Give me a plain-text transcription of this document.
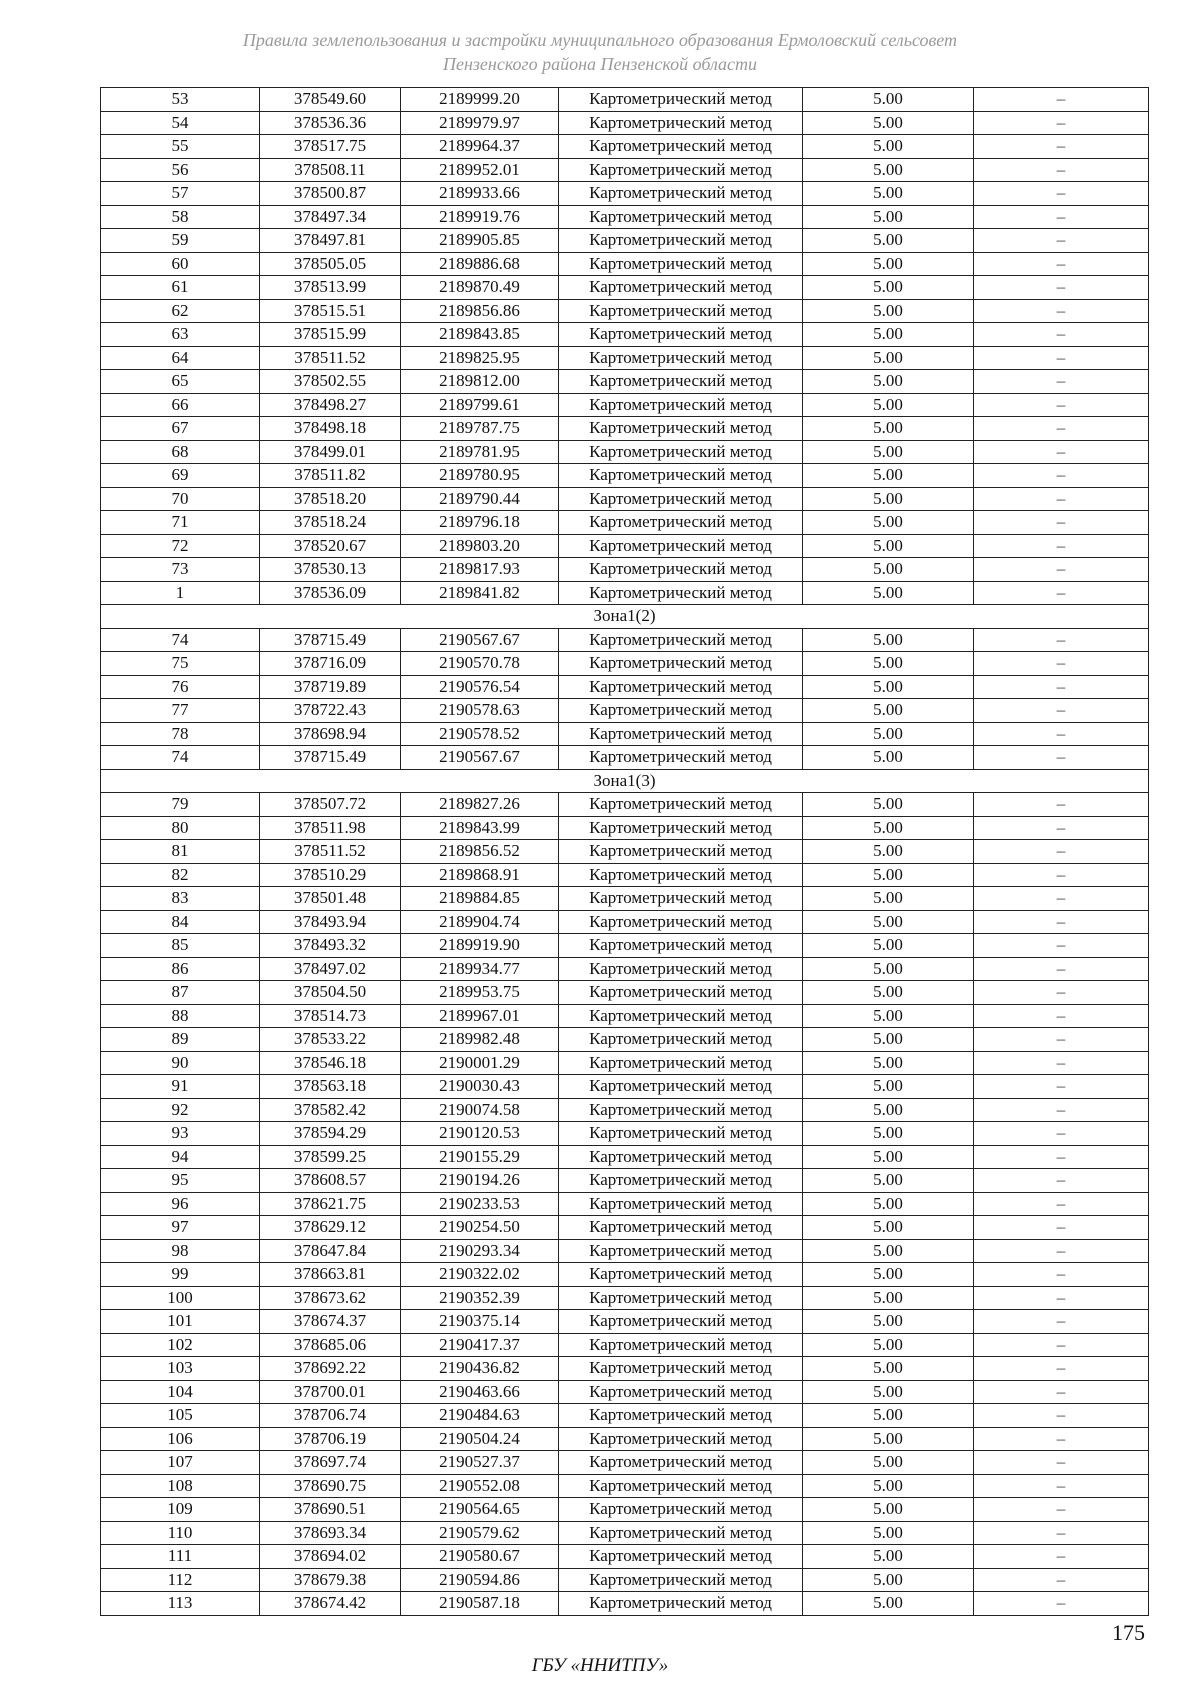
Правила землепользования и застройки муниципального образования Ермоловский сельсовет
Пензенского района Пензенской области
53	378549.60	2189999.20	Картометрический метод	5.00	–
54	378536.36	2189979.97	Картометрический метод	5.00	–
55	378517.75	2189964.37	Картометрический метод	5.00	–
56	378508.11	2189952.01	Картометрический метод	5.00	–
57	378500.87	2189933.66	Картометрический метод	5.00	–
58	378497.34	2189919.76	Картометрический метод	5.00	–
59	378497.81	2189905.85	Картометрический метод	5.00	–
60	378505.05	2189886.68	Картометрический метод	5.00	–
61	378513.99	2189870.49	Картометрический метод	5.00	–
62	378515.51	2189856.86	Картометрический метод	5.00	–
63	378515.99	2189843.85	Картометрический метод	5.00	–
64	378511.52	2189825.95	Картометрический метод	5.00	–
65	378502.55	2189812.00	Картометрический метод	5.00	–
66	378498.27	2189799.61	Картометрический метод	5.00	–
67	378498.18	2189787.75	Картометрический метод	5.00	–
68	378499.01	2189781.95	Картометрический метод	5.00	–
69	378511.82	2189780.95	Картометрический метод	5.00	–
70	378518.20	2189790.44	Картометрический метод	5.00	–
71	378518.24	2189796.18	Картометрический метод	5.00	–
72	378520.67	2189803.20	Картометрический метод	5.00	–
73	378530.13	2189817.93	Картометрический метод	5.00	–
1	378536.09	2189841.82	Картометрический метод	5.00	–
Зона1(2)					
74	378715.49	2190567.67	Картометрический метод	5.00	–
75	378716.09	2190570.78	Картометрический метод	5.00	–
76	378719.89	2190576.54	Картометрический метод	5.00	–
77	378722.43	2190578.63	Картометрический метод	5.00	–
78	378698.94	2190578.52	Картометрический метод	5.00	–
74	378715.49	2190567.67	Картометрический метод	5.00	–
Зона1(3)					
79	378507.72	2189827.26	Картометрический метод	5.00	–
80	378511.98	2189843.99	Картометрический метод	5.00	–
81	378511.52	2189856.52	Картометрический метод	5.00	–
82	378510.29	2189868.91	Картометрический метод	5.00	–
83	378501.48	2189884.85	Картометрический метод	5.00	–
84	378493.94	2189904.74	Картометрический метод	5.00	–
85	378493.32	2189919.90	Картометрический метод	5.00	–
86	378497.02	2189934.77	Картометрический метод	5.00	–
87	378504.50	2189953.75	Картометрический метод	5.00	–
88	378514.73	2189967.01	Картометрический метод	5.00	–
89	378533.22	2189982.48	Картометрический метод	5.00	–
90	378546.18	2190001.29	Картометрический метод	5.00	–
91	378563.18	2190030.43	Картометрический метод	5.00	–
92	378582.42	2190074.58	Картометрический метод	5.00	–
93	378594.29	2190120.53	Картометрический метод	5.00	–
94	378599.25	2190155.29	Картометрический метод	5.00	–
95	378608.57	2190194.26	Картометрический метод	5.00	–
96	378621.75	2190233.53	Картометрический метод	5.00	–
97	378629.12	2190254.50	Картометрический метод	5.00	–
98	378647.84	2190293.34	Картометрический метод	5.00	–
99	378663.81	2190322.02	Картометрический метод	5.00	–
100	378673.62	2190352.39	Картометрический метод	5.00	–
101	378674.37	2190375.14	Картометрический метод	5.00	–
102	378685.06	2190417.37	Картометрический метод	5.00	–
103	378692.22	2190436.82	Картометрический метод	5.00	–
104	378700.01	2190463.66	Картометрический метод	5.00	–
105	378706.74	2190484.63	Картометрический метод	5.00	–
106	378706.19	2190504.24	Картометрический метод	5.00	–
107	378697.74	2190527.37	Картометрический метод	5.00	–
108	378690.75	2190552.08	Картометрический метод	5.00	–
109	378690.51	2190564.65	Картометрический метод	5.00	–
110	378693.34	2190579.62	Картометрический метод	5.00	–
111	378694.02	2190580.67	Картометрический метод	5.00	–
112	378679.38	2190594.86	Картометрический метод	5.00	–
113	378674.42	2190587.18	Картометрический метод	5.00	–
175
ГБУ «ННИТПУ»
